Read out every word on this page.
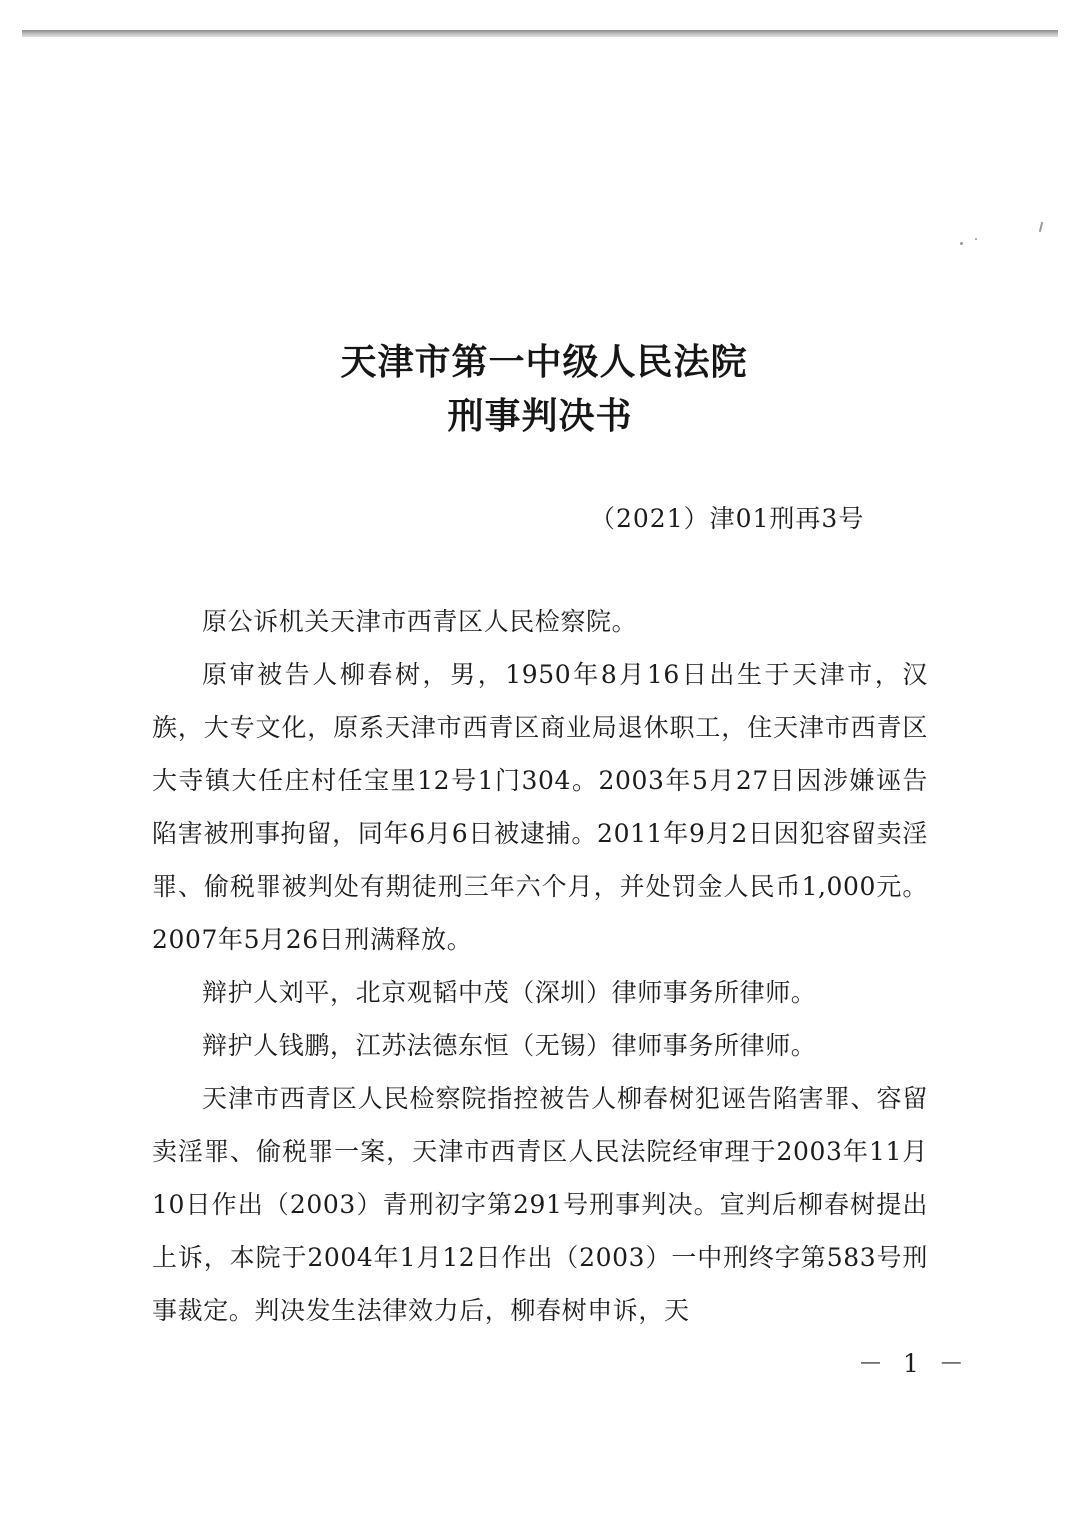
天津市第一中级人民法院
刑事判决书
（2021）津01刑再3号

原公诉机关天津市西青区人民检察院。

原审被告人柳春树，男，1950年8月16日出生于天津市，汉族，大专文化，原系天津市西青区商业局退休职工，住天津市西青区大寺镇大任庄村任宝里12号1门304。2003年5月27日因涉嫌诬告陷害被刑事拘留，同年6月6日被逮捕。2011年9月2日因犯容留卖淫罪、偷税罪被判处有期徒刑三年六个月，并处罚金人民币1,000元。2007年5月26日刑满释放。

辩护人刘平，北京观韬中茂（深圳）律师事务所律师。

辩护人钱鹏，江苏法德东恒（无锡）律师事务所律师。

天津市西青区人民检察院指控被告人柳春树犯诬告陷害罪、容留卖淫罪、偷税罪一案，天津市西青区人民法院经审理于2003年11月10日作出（2003）青刑初字第291号刑事判决。宣判后柳春树提出上诉，本院于2004年1月12日作出（2003）一中刑终字第583号刑事裁定。判决发生法律效力后，柳春树申诉，天

－ 1 －
